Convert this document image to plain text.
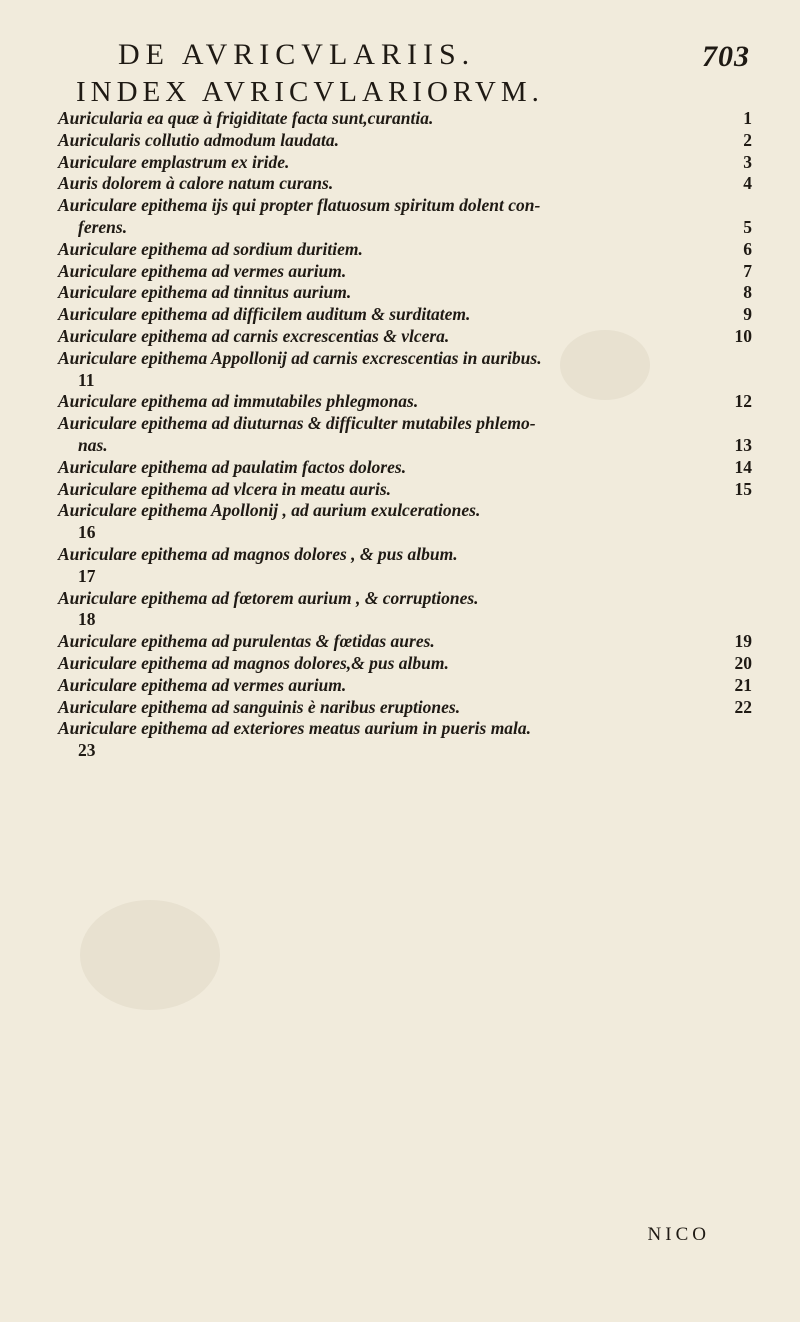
DE AVRICVLARIIS.	703
INDEX AVRICVLARIORVM.
Auricularia ea quæ à frigiditate facta sunt,curantia.	1
Auricularis collutio admodum laudata.	2
Auriculare emplastrum ex iride.	3
Auris dolorem à calore natum curans.	4
Auriculare epithema ijs qui propter flatuosum spiritum dolent con-
ferens.	5
Auriculare epithema ad sordium duritiem.	6
Auriculare epithema ad vermes aurium.	7
Auriculare epithema ad tinnitus aurium.	8
Auriculare epithema ad difficilem auditum & surditatem.	9
Auriculare epithema ad carnis excrescentias & vlcera.	10
Auriculare epithema Appollonij ad carnis excrescentias in auribus.
11
Auriculare epithema ad immutabiles phlegmonas.	12
Auriculare epithema ad diuturnas & difficulter mutabiles phlemo-
nas.	13
Auriculare epithema ad paulatim factos dolores.	14
Auriculare epithema ad vlcera in meatu auris.	15
Auriculare epithema Apollonij , ad aurium exulcerationes.
16
Auriculare epithema ad magnos dolores , & pus album.
17
Auriculare epithema ad fœtorem aurium , & corruptiones.
18
Auriculare epithema ad purulentas & fœtidas aures.	19
Auriculare epithema ad magnos dolores,& pus album.	20
Auriculare epithema ad vermes aurium.	21
Auriculare epithema ad sanguinis è naribus eruptiones.	22
Auriculare epithema ad exteriores meatus aurium in pueris mala.
23
NICO
